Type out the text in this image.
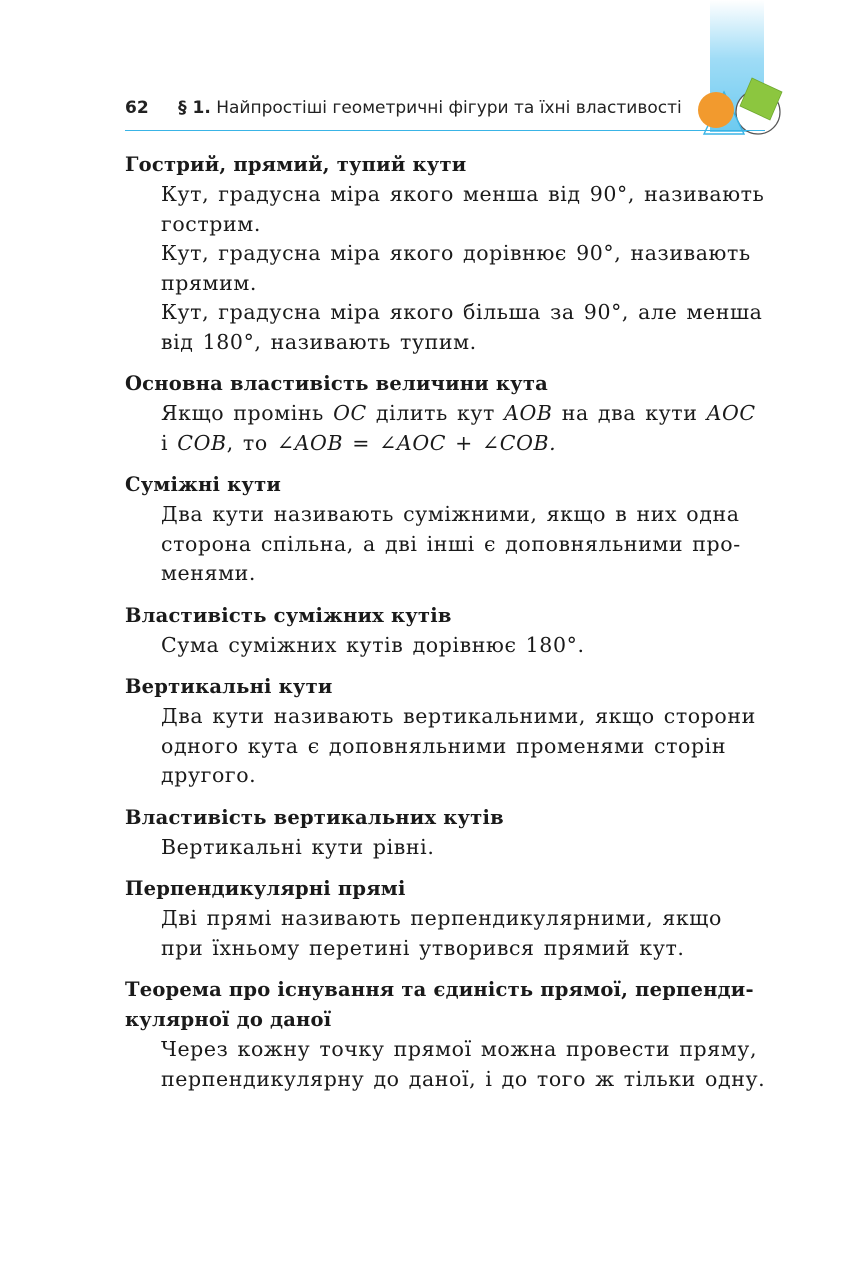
62 § 1. Найпростіші геометричні фігури та їхні властивості

Гострий, прямий, тупий кути

Кут, градусна міра якого менша від 90°, називають
гострим.
Кут, градусна міра якого дорівнює 90°, називають
прямим.
Кут, градусна міра якого більша за 90°, але менша
від 180°, називають тупим.

Основна властивість величини кута

Якщо промінь OC ділить кут AOB на два кути AOC
і COB, то ∠AOB = ∠AOC + ∠COB.

Суміжні кути

Два кути називають суміжними, якщо в них одна
сторона спільна, а дві інші є доповняльними про-
менями.

Властивість суміжних кутів

Сума суміжних кутів дорівнює 180°.

Вертикальні кути

Два кути називають вертикальними, якщо сторони
одного кута є доповняльними променями сторін
другого.

Властивість вертикальних кутів

Вертикальні кути рівні.

Перпендикулярні прямі

Дві прямі називають перпендикулярними, якщо
при їхньому перетині утворився прямий кут.

Теорема про існування та єдиність прямої, перпенди-
кулярної до даної

Через кожну точку прямої можна провести пряму,
перпендикулярну до даної, і до того ж тільки одну.
